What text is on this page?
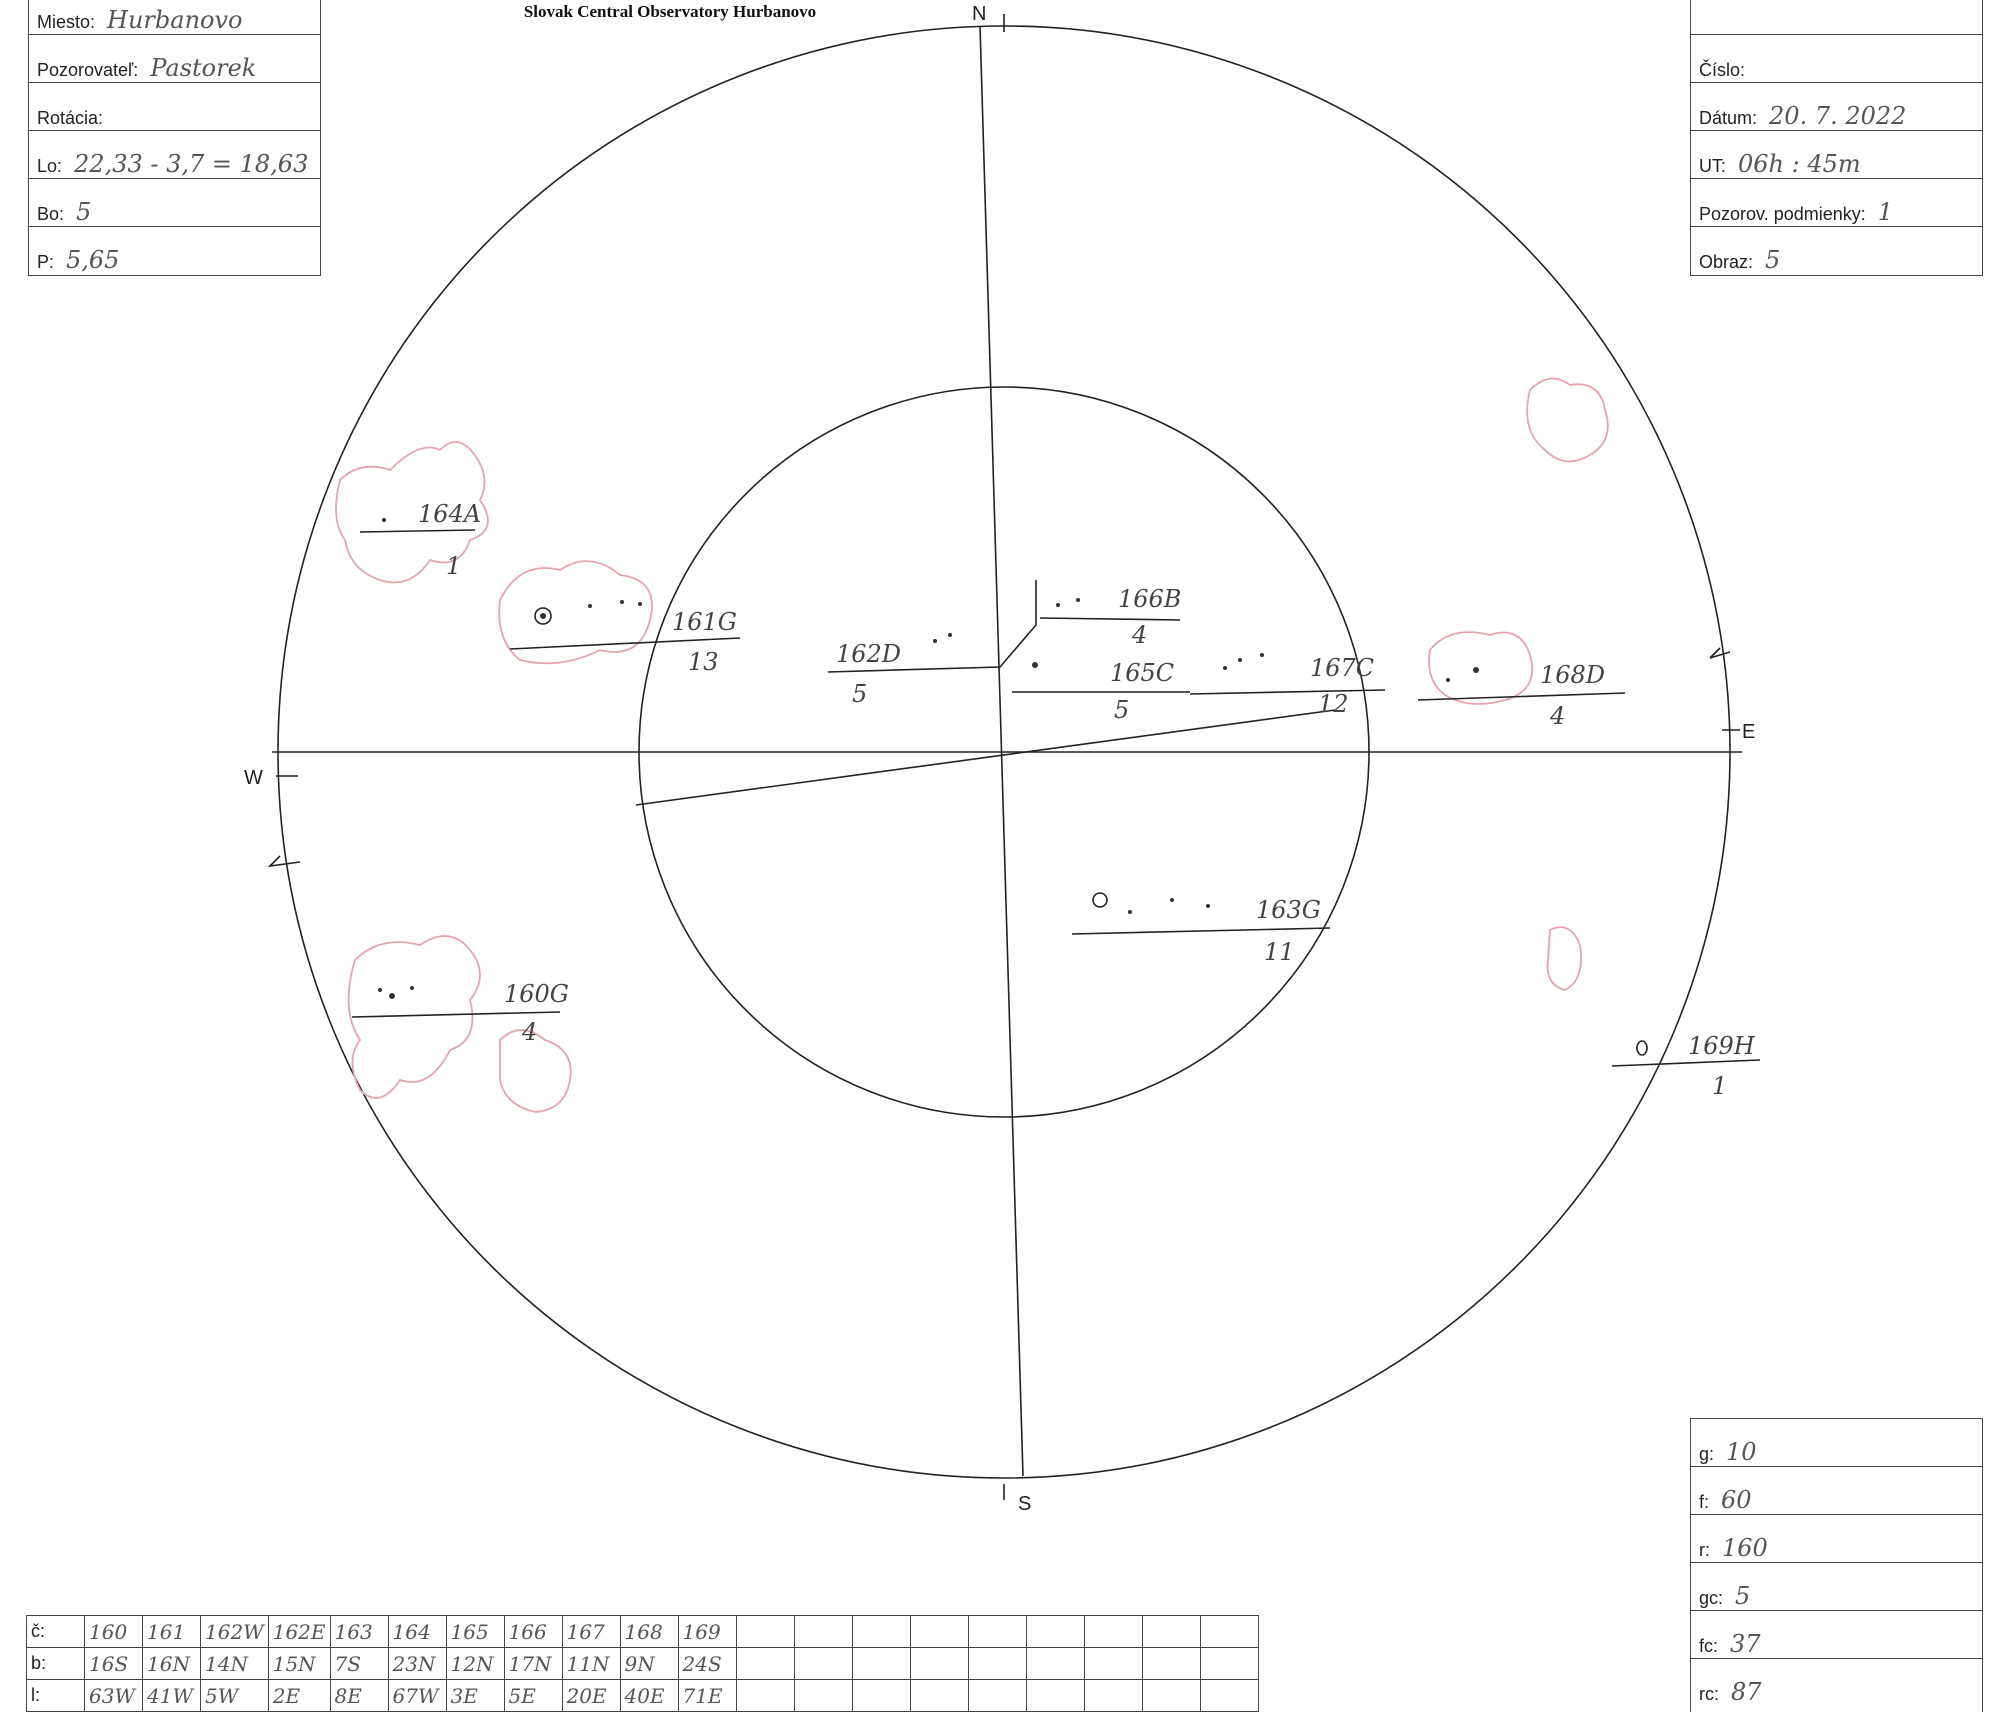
Slovak Central Observatory Hurbanovo
Miesto: Hurbanovo
Pozorovateľ: Pastorek
Rotácia:
Lo: 22,33 - 3,7 = 18,63
Bo: 5
P: 5,65
Číslo:
Dátum: 20. 7. 2022
UT: 06h : 45m
Pozorov. podmienky: 1
Obraz: 5
g: 10
f: 60
r: 160
gc: 5
fc: 37
rc: 87
N
S
E
W
164A
1
161G
13	162D
5
166B
4
165C
5
167C
12
168D
4
163G
11
160G
4	169H
1
č:	160	161	162W	162E	163	164	165	166	167	168	169									
b:	16S	16N	14N	15N	7S	23N	12N	17N	11N	9N	24S									
l:	63W	41W	5W	2E	8E	67W	3E	5E	20E	40E	71E									
